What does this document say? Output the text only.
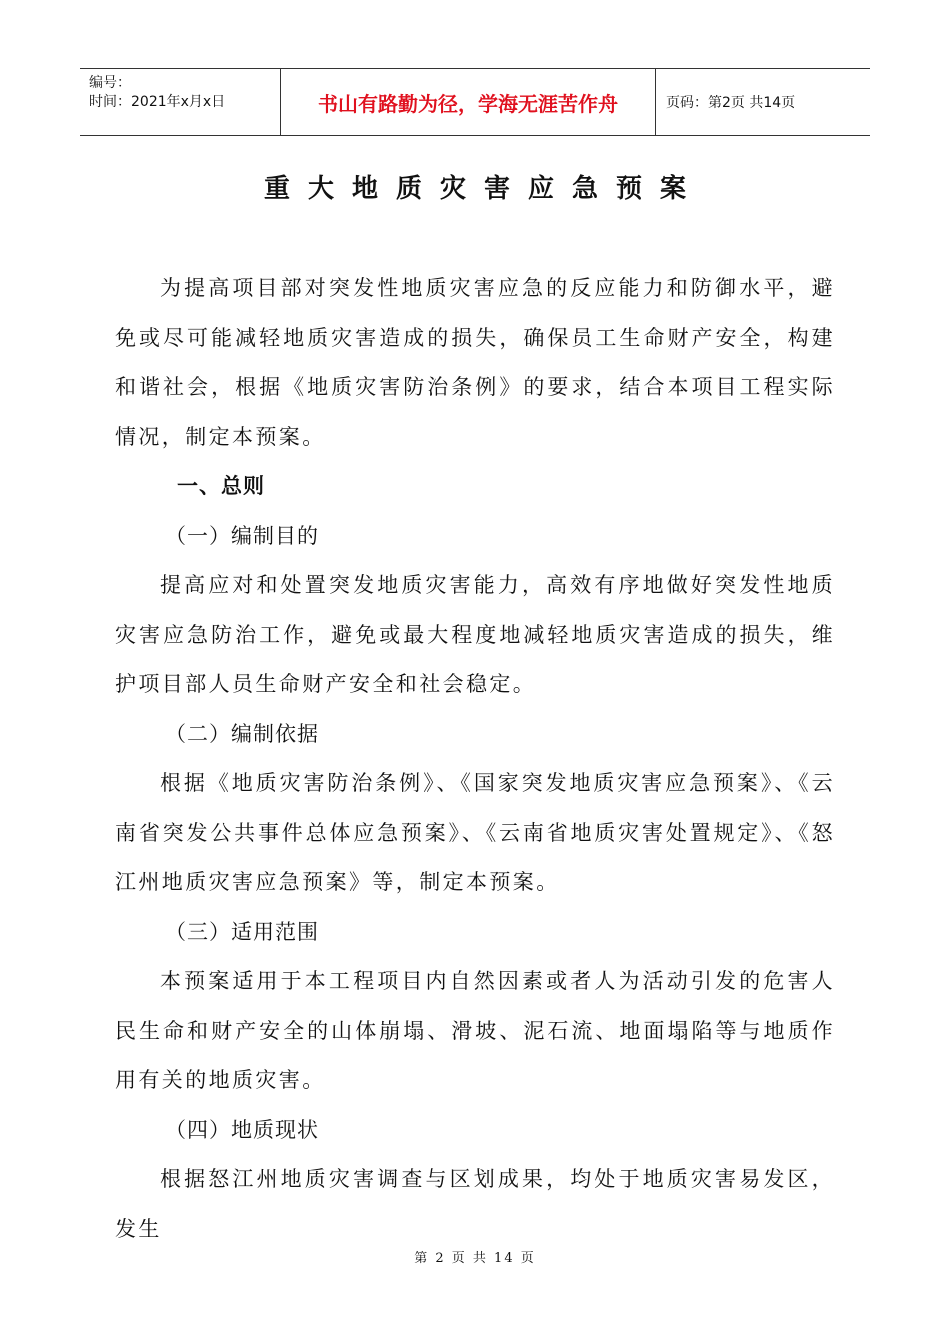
编号：
时间：2021年x月x日	书山有路勤为径，学海无涯苦作舟	页码：第2页 共14页
重大地质灾害应急预案

为提高项目部对突发性地质灾害应急的反应能力和防御水平，避免或尽可能减轻地质灾害造成的损失，确保员工生命财产安全，构建和谐社会，根据《地质灾害防治条例》的要求，结合本项目工程实际情况，制定本预案。

一、总则

（一）编制目的

提高应对和处置突发地质灾害能力，高效有序地做好突发性地质灾害应急防治工作，避免或最大程度地减轻地质灾害造成的损失，维护项目部人员生命财产安全和社会稳定。

（二）编制依据

根据《地质灾害防治条例》、《国家突发地质灾害应急预案》、《云南省突发公共事件总体应急预案》、《云南省地质灾害处置规定》、《怒江州地质灾害应急预案》等，制定本预案。

（三）适用范围

本预案适用于本工程项目内自然因素或者人为活动引发的危害人民生命和财产安全的山体崩塌、滑坡、泥石流、地面塌陷等与地质作用有关的地质灾害。

（四）地质现状

根据怒江州地质灾害调查与区划成果，均处于地质灾害易发区，发生

第 2 页 共 14 页
